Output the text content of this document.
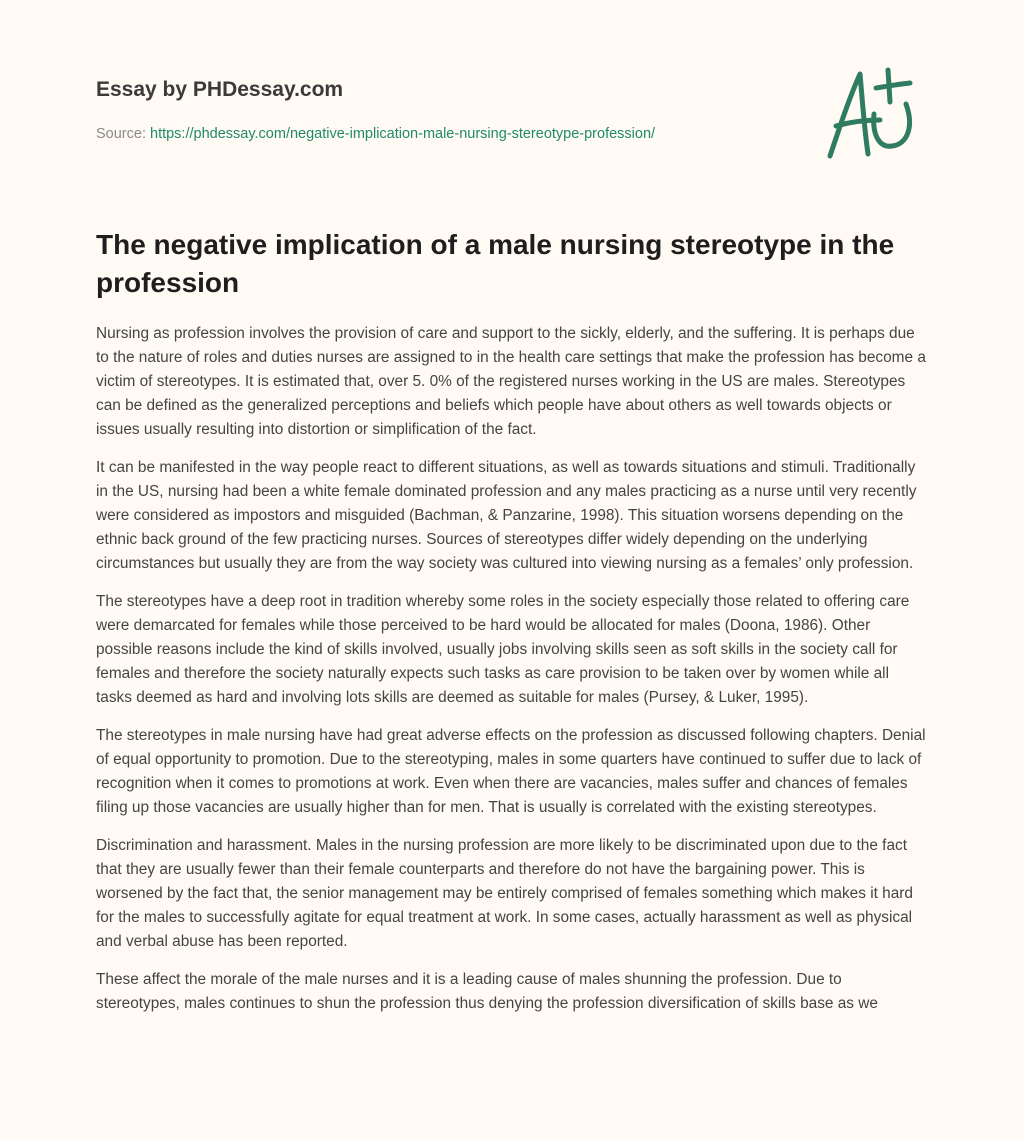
Essay by PHDessay.com
Source: https://phdessay.com/negative-implication-male-nursing-stereotype-profession/
The negative implication of a male nursing stereotype in the profession

Nursing as profession involves the provision of care and support to the sickly, elderly, and the suffering. It is perhaps due to the nature of roles and duties nurses are assigned to in the health care settings that make the profession has become a victim of stereotypes. It is estimated that, over 5. 0% of the registered nurses working in the US are males. Stereotypes can be defined as the generalized perceptions and beliefs which people have about others as well towards objects or issues usually resulting into distortion or simplification of the fact.

It can be manifested in the way people react to different situations, as well as towards situations and stimuli. Traditionally in the US, nursing had been a white female dominated profession and any males practicing as a nurse until very recently were considered as impostors and misguided (Bachman, & Panzarine, 1998). This situation worsens depending on the ethnic back ground of the few practicing nurses. Sources of stereotypes differ widely depending on the underlying circumstances but usually they are from the way society was cultured into viewing nursing as a females’ only profession.

The stereotypes have a deep root in tradition whereby some roles in the society especially those related to offering care were demarcated for females while those perceived to be hard would be allocated for males (Doona, 1986). Other possible reasons include the kind of skills involved, usually jobs involving skills seen as soft skills in the society call for females and therefore the society naturally expects such tasks as care provision to be taken over by women while all tasks deemed as hard and involving lots skills are deemed as suitable for males (Pursey, & Luker, 1995).

The stereotypes in male nursing have had great adverse effects on the profession as discussed following chapters. Denial of equal opportunity to promotion. Due to the stereotyping, males in some quarters have continued to suffer due to lack of recognition when it comes to promotions at work. Even when there are vacancies, males suffer and chances of females filing up those vacancies are usually higher than for men. That is usually is correlated with the existing stereotypes.

Discrimination and harassment. Males in the nursing profession are more likely to be discriminated upon due to the fact that they are usually fewer than their female counterparts and therefore do not have the bargaining power. This is worsened by the fact that, the senior management may be entirely comprised of females something which makes it hard for the males to successfully agitate for equal treatment at work. In some cases, actually harassment as well as physical and verbal abuse has been reported.

These affect the morale of the male nurses and it is a leading cause of males shunning the profession. Due to stereotypes, males continues to shun the profession thus denying the profession diversification of skills base as we
